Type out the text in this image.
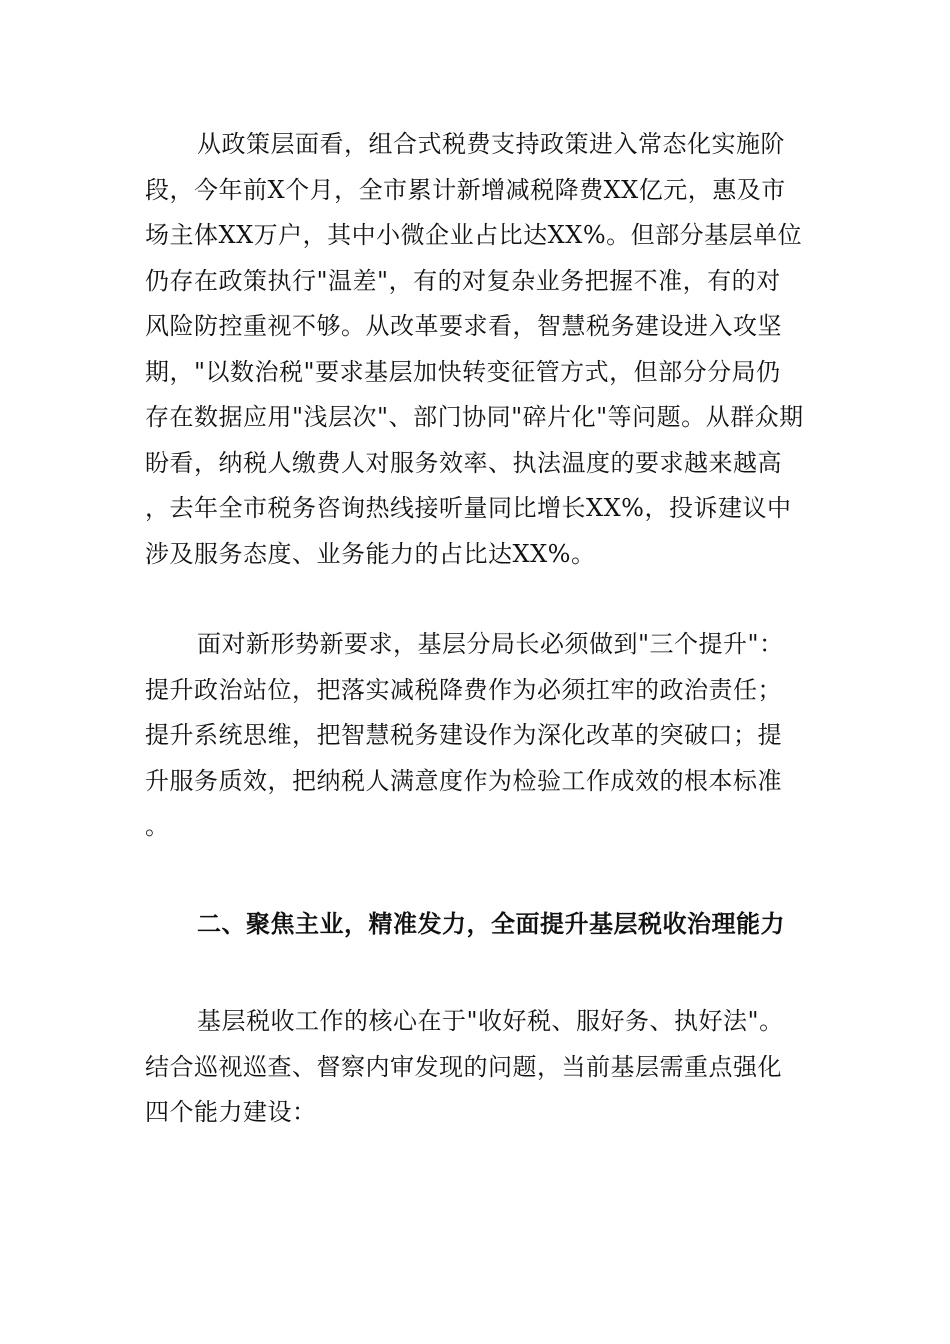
从政策层面看，组合式税费支持政策进入常态化实施阶段，今年前X个月，全市累计新增减税降费XX亿元，惠及市场主体XX万户，其中小微企业占比达XX%。但部分基层单位仍存在政策执行"温差"，有的对复杂业务把握不准，有的对风险防控重视不够。从改革要求看，智慧税务建设进入攻坚期，"以数治税"要求基层加快转变征管方式，但部分分局仍存在数据应用"浅层次"、部门协同"碎片化"等问题。从群众期盼看，纳税人缴费人对服务效率、执法温度的要求越来越高，去年全市税务咨询热线接听量同比增长XX%，投诉建议中涉及服务态度、业务能力的占比达XX%。

面对新形势新要求，基层分局长必须做到"三个提升"：提升政治站位，把落实减税降费作为必须扛牢的政治责任；提升系统思维，把智慧税务建设作为深化改革的突破口；提升服务质效，把纳税人满意度作为检验工作成效的根本标准。

二、聚焦主业，精准发力，全面提升基层税收治理能力

基层税收工作的核心在于"收好税、服好务、执好法"。结合巡视巡查、督察内审发现的问题，当前基层需重点强化四个能力建设：
